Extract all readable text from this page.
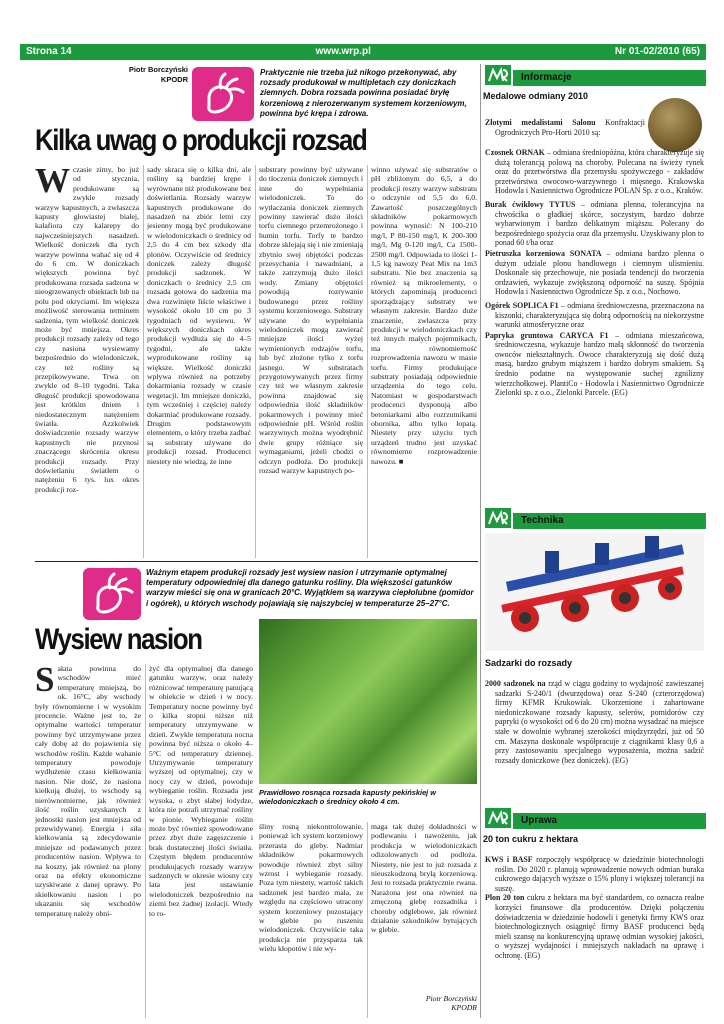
Strona 14	www.wrp.pl	Nr 01-02/2010 (65)
Piotr Borczyński
KPODR
Praktycznie nie trzeba już nikogo przekonywać, aby rozsady produkował w multipletach czy doniczkach ziemnych. Dobra rozsada powinna posiadać bryłę korzeniową z nierozerwanym systemem korzeniowym, powinna być krępa i zdrowa.
Kilka uwag o produkcji rozsad
Wczasie zimy, bo już od stycznia, produkowane są zwykle rozsady warzyw kapustnych, a zwłaszcza kapusty głowiastej białej, kalafiora czy kalarepy do najwcześniejszych nasadzeń. Wielkość doniczek dla tych warzyw powinna wahać się od 4 do 6 cm. W doniczkach większych powinna być produkowana rozsada sadzona w nieogrzewanych obiektach lub na polu pod okryciami. Im większa możliwość sterowania terminem sadzenia, tym wielkość doniczek może być mniejsza. Okres produkcji rozsady zależy od tego czy nasiona wysiewamy bezpośrednio do wielodoniczek, czy też rośliny są przepikowywane. Trwa on zwykle od 8–10 tygodni. Taka długość produkcji spowodowana jest krótkim dniem i niedostatecznym natężeniem światła. Azzkolwiek doświadczenie rozsady warzyw kapustnych nie przynosi znaczącego skrócenia okresu produkcji rozsady. Przy doświetlaniu światłem o natężeniu 6 tys. lux okres produkcji roz-
sady skraca się o kilka dni, ale rośliny są bardziej krępe i wyrównane niż produkowane bez doświetlania. Rozsady warzyw kapustnych produkowane do nasadzeń na zbiór letni czy jesienny mogą być produkowane w wielodoniczkach o średnicy od 2,5 do 4 cm bez szkody dla plonów. Oczywiście od średnicy doniczek zależy długość produkcji sadzonek. W doniczkach o średnicy 2,5 cm rozsada gotowa do sadzenia ma dwa rozwinięte liście właściwe i wysokość około 10 cm po 3 tygodniach od wysiewu. W większych doniczkach okres produkcji wydłuża się do 4–5 tygodni, ale także wyprodukowane rośliny są większe. Wielkość doniczki wpływa również na potrzeby dokarmiania rozsady w czasie wegetacji. Im mniejsze doniczki, tym wcześniej i częściej należy dokarmiać produkowane rozsady. Drugim podstawowym elementem, o który trzeba zadbać są substraty używane do produkcji rozsad. Producenci niestety nie wiedzą, że inne
substraty powinny być używane do tłoczenia doniczek ziemnych i inne do wypełniania wielodoniczek. To do wytłaczania doniczek ziemnych powinny zawierać dużo iłości torfu ciemnego przemrożonego i humin torfu. Torfy te bardzo dobrze sklejają się i nie zmieniają zbytnio swej objętości podczas przesychania i nawadniani, a także zatrzymują dużo ilości wody. Zmiany objętości powodują rozrywanie budowanego przez rośliny systemu korzeniowego. Substraty używane do wypełniania wielodoniczek mogą zawierać mniejsze ilości wyżej wymienionych rodzajów torfu, lub być złożone tylko z torfu jasnego. W substratach przygotowywanych przez firmy czy też we własnym zakresie powinna znajdować się odpowiednia ilość składników pokarmowych i powinny mieć odpowiednie pH. Wśród roślin warzywnych można wyodrębnić dwie grupy różniące się wymaganiami, jeżeli chodzi o odczyn podłoża. Do produkcji rozsad warzyw kapustnych po-
winno używać się substratów o pH zbliżonym do 6,5, a do produkcji reszty warzyw substratu o odczynie od 5,5 do 6,0. Zawartość poszczególnych składników pokarmowych powinna wynosić: N 100-210 mg/l, P 80-150 mg/l, K 200-300 mg/l, Mg 0-120 mg/l, Ca 1500-2500 mg/l. Odpowiada to ilości 1-1,5 kg nawozy Peat Mix na 1m3 substratu. Nie bez znaczenia są również są mikroelementy, o których zapominają producenci sporządzający substraty we własnym zakresie. Bardzo duże znaczenie, zwłaszcza przy produkcji w wielodoniczkach czy też innych małych pojemnikach, ma równomierność rozprowadzenia nawozu w masie torfu. Firmy produkujące substraty posiadają odpowiednie urządzenia do tego celu. Natomiast w gospodarstwach producenci dysponują albo betoniarkami albo rozrzutnikami obornika, albo tylko łopatą. Niestety przy użyciu tych urządzeń trudno jest uzyskać równomierne rozprowadzenie nawozu. ■
Ważnym etapem produkcji rozsady jest wysiew nasion i utrzymanie optymalnej temperatury odpowiedniej dla danego gatunku rośliny. Dla większości gatunków warzyw mieści się ona w granicach 20°C. Wyjątkiem są warzywa ciepłolubne (pomidor i ogórek), u których wschody pojawiają się najszybciej w temperaturze 25–27°C.
Wysiew nasion
Sałata powinna do wschodów mieć temperaturę mniejszą, bo ok. 16°C, aby wschody były równomierne i w wysokim procencie. Ważne jest to, że optymalne wartości temperatur powinny być utrzymywane przez cały dobę aż do pojawienia się wschodów roślin. Każde wahanie temperatury powoduje wydłużenie czasu kiełkowania nasion. Nie dość, że nasiona kiełkują dłużej, to wschody są nierównomierne, jak również ilość roślin uzyskanych z jednostki nasion jest mniejsza od przewidywanej. Energia i siła kiełkowania są zdecydowanie mniejsze od podawanych przez producentów nasion. Wpływa to na koszty, jak również na plony oraz na efekty ekonomiczne uzyskiwane z danej uprawy. Po skiełkowaniu nasion i po ukazaniu się wschodów temperaturę należy obni-
żyć dla optymalnej dla danego gatunku warzyw, oraz należy różnicować temperaturę panującą w obiekcie w dzień i w nocy. Temperatury nocne powinny być o kilka stopni niższe niż temperatury utrzymywane w dzień. Zwykle temperatura nocna powinna być niższa o około 4–5°C od temperatury dziennej. Utrzymywanie temperatury wyższej od optymalnej, czy w nocy czy w dzień, powoduje wybieganie roślin. Rozsada jest wysoka, o zbyt słabej łodydze, która nie potrafi utrzymać rośliny w pionie. Wybieganie roślin może być również spowodowane przez zbyt duże zagęszczenie i brak dostatecznej ilości światła. Częstym błędem producentów produkujących rozsady warzyw sadzonych w okresie wiosny czy lata jest ustawianie wielodoniczek bezpośrednio na ziemi bez żadnej izolacji. Wtedy to ro-
Prawidłowo rosnąca rozsada kapusty pekińskiej w wielodoniczkach o średnicy około 4 cm.
śliny rosną niekontrolowanie, ponieważ ich system korzeniowy przerasta do gleby. Nadmiar składników pokarmowych powoduje również zbyt silny wzrost i wybieganie rozsady. Poza tym niestety, wartość takich sadzonek jest bardzo mała, ze względu na częściowo utracony system korzeniowy pozostający w glebie po ruszeniu wielodoniczek. Oczywiście taka produkcja nie przysparza tak wielu kłopotów i nie wy-
maga tak dużej dokładności w podlewaniu i nawożeniu, jak produkcja w wielodoniczkach odizolowanych od podłoża. Niestety, nie jest to już rozsada z nieuszkodzoną bryłą korzeniową. Jest to rozsada praktycznie rwana. Narażona jest ona również na zmęczoną glebę rozsadnika i choroby odglebowe, jak również działanie szkodników bytujących w glebie.
Piotr Borczyński
KPODR
Informacje
Medalowe odmiany 2010

Złotymi medalistami Salonu Konfraktacji Ogrodniczych Pro-Horti 2010 są:

Czosnek ORNAK – odmiana średniopóźna, która charakteryzuje się dużą tolerancją polową na choroby. Polecana na świeży rynek oraz do przetwórstwa dla przemysłu spożywczego - zakładów przetwórstwa owocowo-warzywnego i mięsnego. Krakowska Hodowla i Nasiennictwo Ogrodnicze POLAN Sp. z o.o., Kraków.

Burak ćwikłowy TYTUS – odmiana plenna, tolerancyjna na chwościka o gładkiej skórce, soczystym, bardzo dobrze wybarwionym i bardzo delikatnym miąższu. Polecany do bezpośredniego spożycia oraz dla przemysłu. Uzyskiwany plon to ponad 60 t/ha oraz

Pietruszka korzeniowa SONATA – odmiana bardzo plenna o dużym udziale plonu handlowego i ciemnym ulistnieniu. Doskonale się przechowuje, nie posiada tendencji do tworzenia ordzawień, wykazuje zwiększoną odporność na suszę. Spójnia Hodowla i Nasiennictwo Ogrodnicze Sp. z o.o., Nochowo.

Ogórek SOPLICA F1 – odmiana średniowczesna, przeznaczona na kiszonki, charakteryzująca się dobrą odpornością na niekorzystne warunki atmosferyczne oraz

Papryka gruntowa CARYCA F1 – odmiana mieszańcowa, średniowczesna, wykazuje bardzo małą skłonność do tworzenia owoców niekształtnych. Owoce charakteryzują się dość dużą masą, bardzo grubym miąższem i bardzo dobrym smakiem. Są średnio podatne na występowanie suchej zgnilizny wierzchołkowej. PlantiCo - Hodowla i Nasiennictwo Ogrodnicze Zielonki sp. z o.o., Zielonki Parcele. (EG)

Technika
Sadzarki do rozsady

2000 sadzonek na rząd w ciągu godziny to wydajność zawieszanej sadzarki S-240/1 (dwurzędowa) oraz S-240 (czterorzędowa) firmy KFMR Krukowiak. Ukorzenione i zahartowane niedoniczkowane rozsady kapusty, selerów, pomidorów czy papryki (o wysokości od 6 do 20 cm) można wysadzać na miejsce stałe w dowolnie wybranej szerokości międzyrzędzi, już od 50 cm. Maszyna doskonale współpracuje z ciągnikami klasy 0,6 a przy zastosowaniu specjalnego wyposażenia, można sadzić rozsady doniczkowe (bez doniczek). (EG)

Uprawa
20 ton cukru z hektara

KWS i BASF rozpoczęły współpracę w dziedzinie biotechnologii roślin. Do 2020 r. planują wprowadzenie nowych odmian buraka cukrowego dających wyższe o 15% plony i większej tolerancji na suszę.

Plon 20 ton cukru z hektara ma być standardem, co oznacza realne korzyści finansowe dla producentów. Dzięki połączeniu doświadczenia w dziedzinie hodowli i genetyki firmy KWS oraz biotechnologicznych osiągnięć firmy BASF producenci będą mieli szansę na konkurencyjną uprawę odmian wysokiej jakości, o wyższej wydajności i mniejszych nakładach na uprawę i ochronę. (EG)
